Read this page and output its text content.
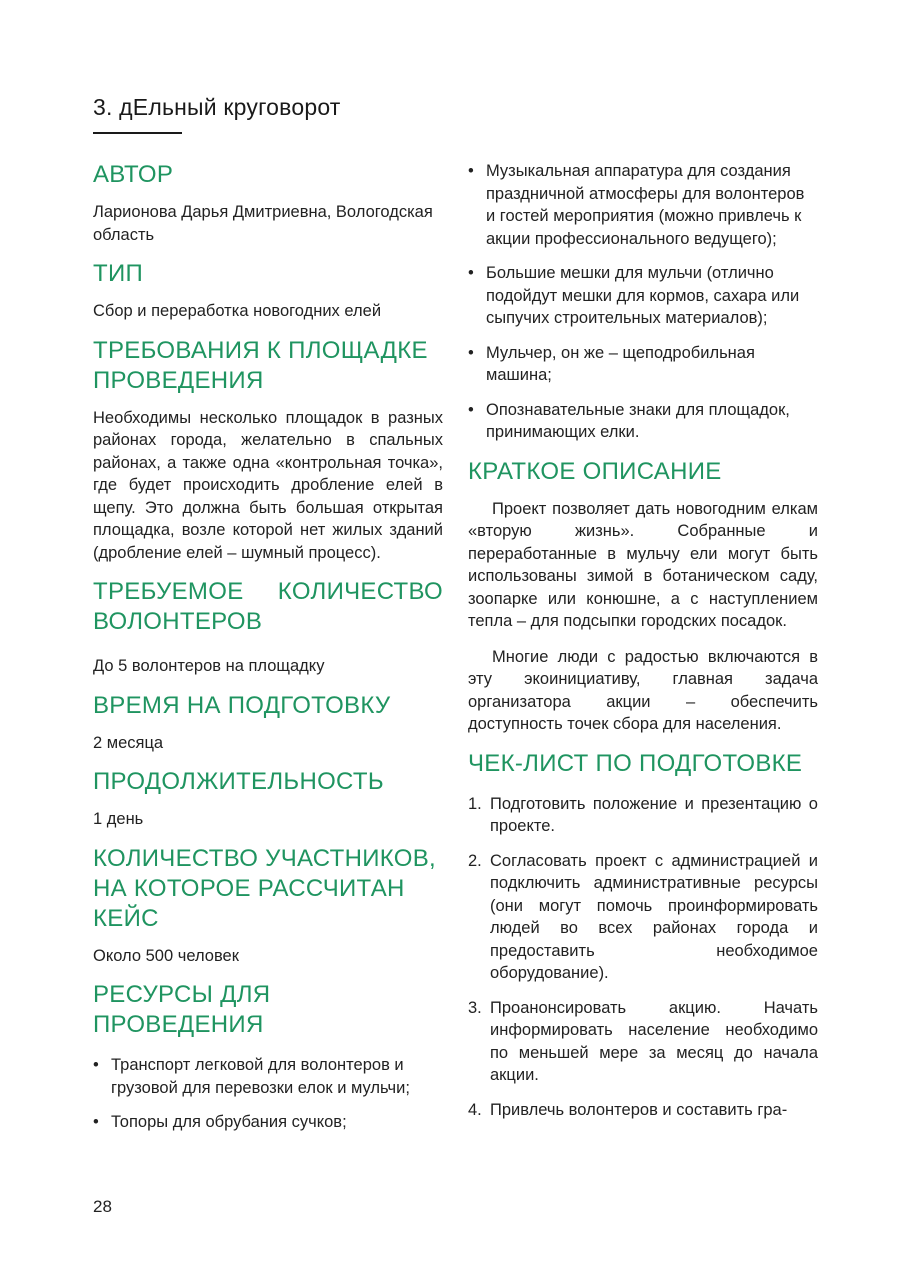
3. дЕльный круговорот
АВТОР

Ларионова Дарья Дмитриевна, Вологодская область

ТИП

Сбор и переработка новогодних елей

ТРЕБОВАНИЯ К ПЛОЩАДКЕ ПРОВЕДЕНИЯ

Необходимы несколько площадок в разных районах города, желательно в спальных районах, а также одна «контрольная точка», где будет происходить дробление елей в щепу. Это должна быть большая открытая площадка, возле которой нет жилых зданий (дробление елей – шумный процесс).

ТРЕБУЕМОЕ КОЛИЧЕСТВО ВОЛОНТЕРОВ

До 5 волонтеров на площадку

ВРЕМЯ НА ПОДГОТОВКУ

2 месяца

ПРОДОЛЖИТЕЛЬНОСТЬ

1 день

КОЛИЧЕСТВО УЧАСТНИКОВ, НА КОТОРОЕ РАССЧИТАН КЕЙС

Около 500 человек

РЕСУРСЫ ДЛЯ ПРОВЕДЕНИЯ
• Транспорт легковой для волонтеров и грузовой для перевозки елок и мульчи;
• Топоры для обрубания сучков;
• Музыкальная аппаратура для создания праздничной атмосферы для волонтеров и гостей мероприятия (можно привлечь к акции профессионального ведущего);
• Большие мешки для мульчи (отлично подойдут мешки для кормов, сахара или сыпучих строительных материалов);
• Мульчер, он же – щеподробильная машина;
• Опознавательные знаки для площадок, принимающих елки.
КРАТКОЕ ОПИСАНИЕ

Проект позволяет дать новогодним елкам «вторую жизнь». Собранные и переработанные в мульчу ели могут быть использованы зимой в ботаническом саду, зоопарке или конюшне, а с наступлением тепла – для подсыпки городских посадок.

Многие люди с радостью включаются в эту экоинициативу, главная задача организатора акции – обеспечить доступность точек сбора для населения.

ЧЕК-ЛИСТ ПО ПОДГОТОВКЕ
1. Подготовить положение и презентацию о проекте.
2. Согласовать проект с администрацией и подключить административные ресурсы (они могут помочь проинформировать людей во всех районах города и предоставить необходимое оборудование).
3. Проанонсировать акцию. Начать информировать население необходимо по меньшей мере за месяц до начала акции.
4. Привлечь волонтеров и составить гра-
28
